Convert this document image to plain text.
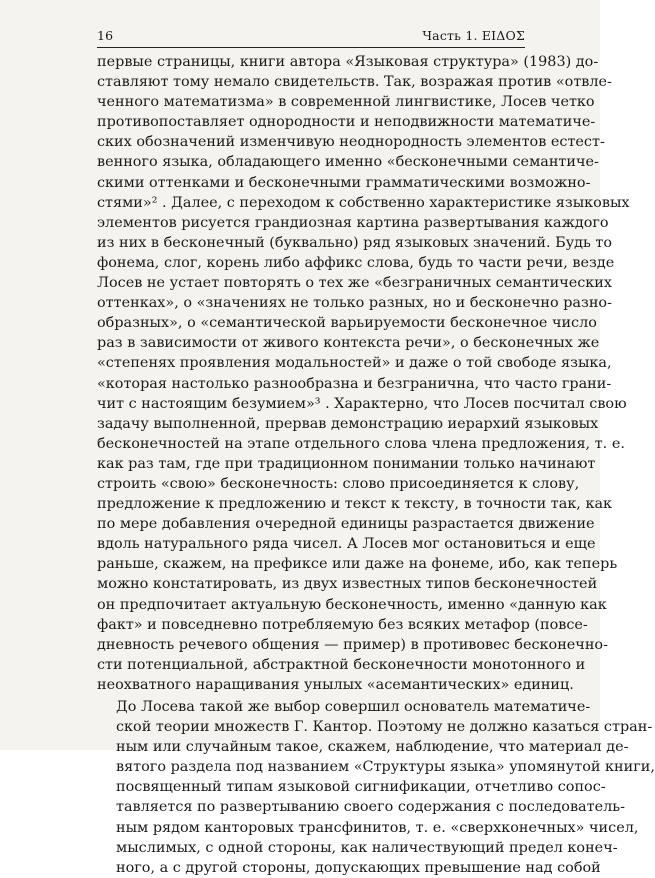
16	Часть 1. ΕΙΔΟΣ

первые страницы, книги автора «Языковая структура» (1983) до-
ставляют тому немало свидетельств. Так, возражая против «отвле-
ченного математизма» в современной лингвистике, Лосев четко
противопоставляет однородности и неподвижности математиче-
ских обозначений изменчивую неоднородность элементов естест-
венного языка, обладающего именно «бесконечными семантиче-
скими оттенками и бесконечными грамматическими возможно-
стями»² . Далее, с переходом к собственно характеристике языковых
элементов рисуется грандиозная картина развертывания каждого
из них в бесконечный (буквально) ряд языковых значений. Будь то
фонема, слог, корень либо аффикс слова, будь то части речи, везде
Лосев не устает повторять о тех же «безграничных семантических
оттенках», о «значениях не только разных, но и бесконечно разно-
образных», о «семантической варьируемости бесконечное число
раз в зависимости от живого контекста речи», о бесконечных же
«степенях проявления модальностей» и даже о той свободе языка,
«которая настолько разнообразна и безгранична, что часто грани-
чит с настоящим безумием»³ . Характерно, что Лосев посчитал свою
задачу выполненной, прервав демонстрацию иерархий языковых
бесконечностей на этапе отдельного слова члена предложения, т. е.
как раз там, где при традиционном понимании только начинают
строить «свою» бесконечность: слово присоединяется к слову,
предложение к предложению и текст к тексту, в точности так, как
по мере добавления очередной единицы разрастается движение
вдоль натурального ряда чисел. А Лосев мог остановиться и еще
раньше, скажем, на префиксе или даже на фонеме, ибо, как теперь
можно констатировать, из двух известных типов бесконечностей
он предпочитает актуальную бесконечность, именно «данную как
факт» и повседневно потребляемую без всяких метафор (повсе-
дневность речевого общения — пример) в противовес бесконечно-
сти потенциальной, абстрактной бесконечности монотонного и
неохватного наращивания унылых «асемантических» единиц.

До Лосева такой же выбор совершил основатель математиче-
ской теории множеств Г. Кантор. Поэтому не должно казаться стран-
ным или случайным такое, скажем, наблюдение, что материал де-
вятого раздела под названием «Структуры языка» упомянутой книги,
посвященный типам языковой сигнификации, отчетливо сопос-
тавляется по развертыванию своего содержания с последователь-
ным рядом канторовых трансфинитов, т. е. «сверхконечных» чисел,
мыслимых, с одной стороны, как наличествующий предел конеч-
ного, а с другой стороны, допускающих превышение над собой
